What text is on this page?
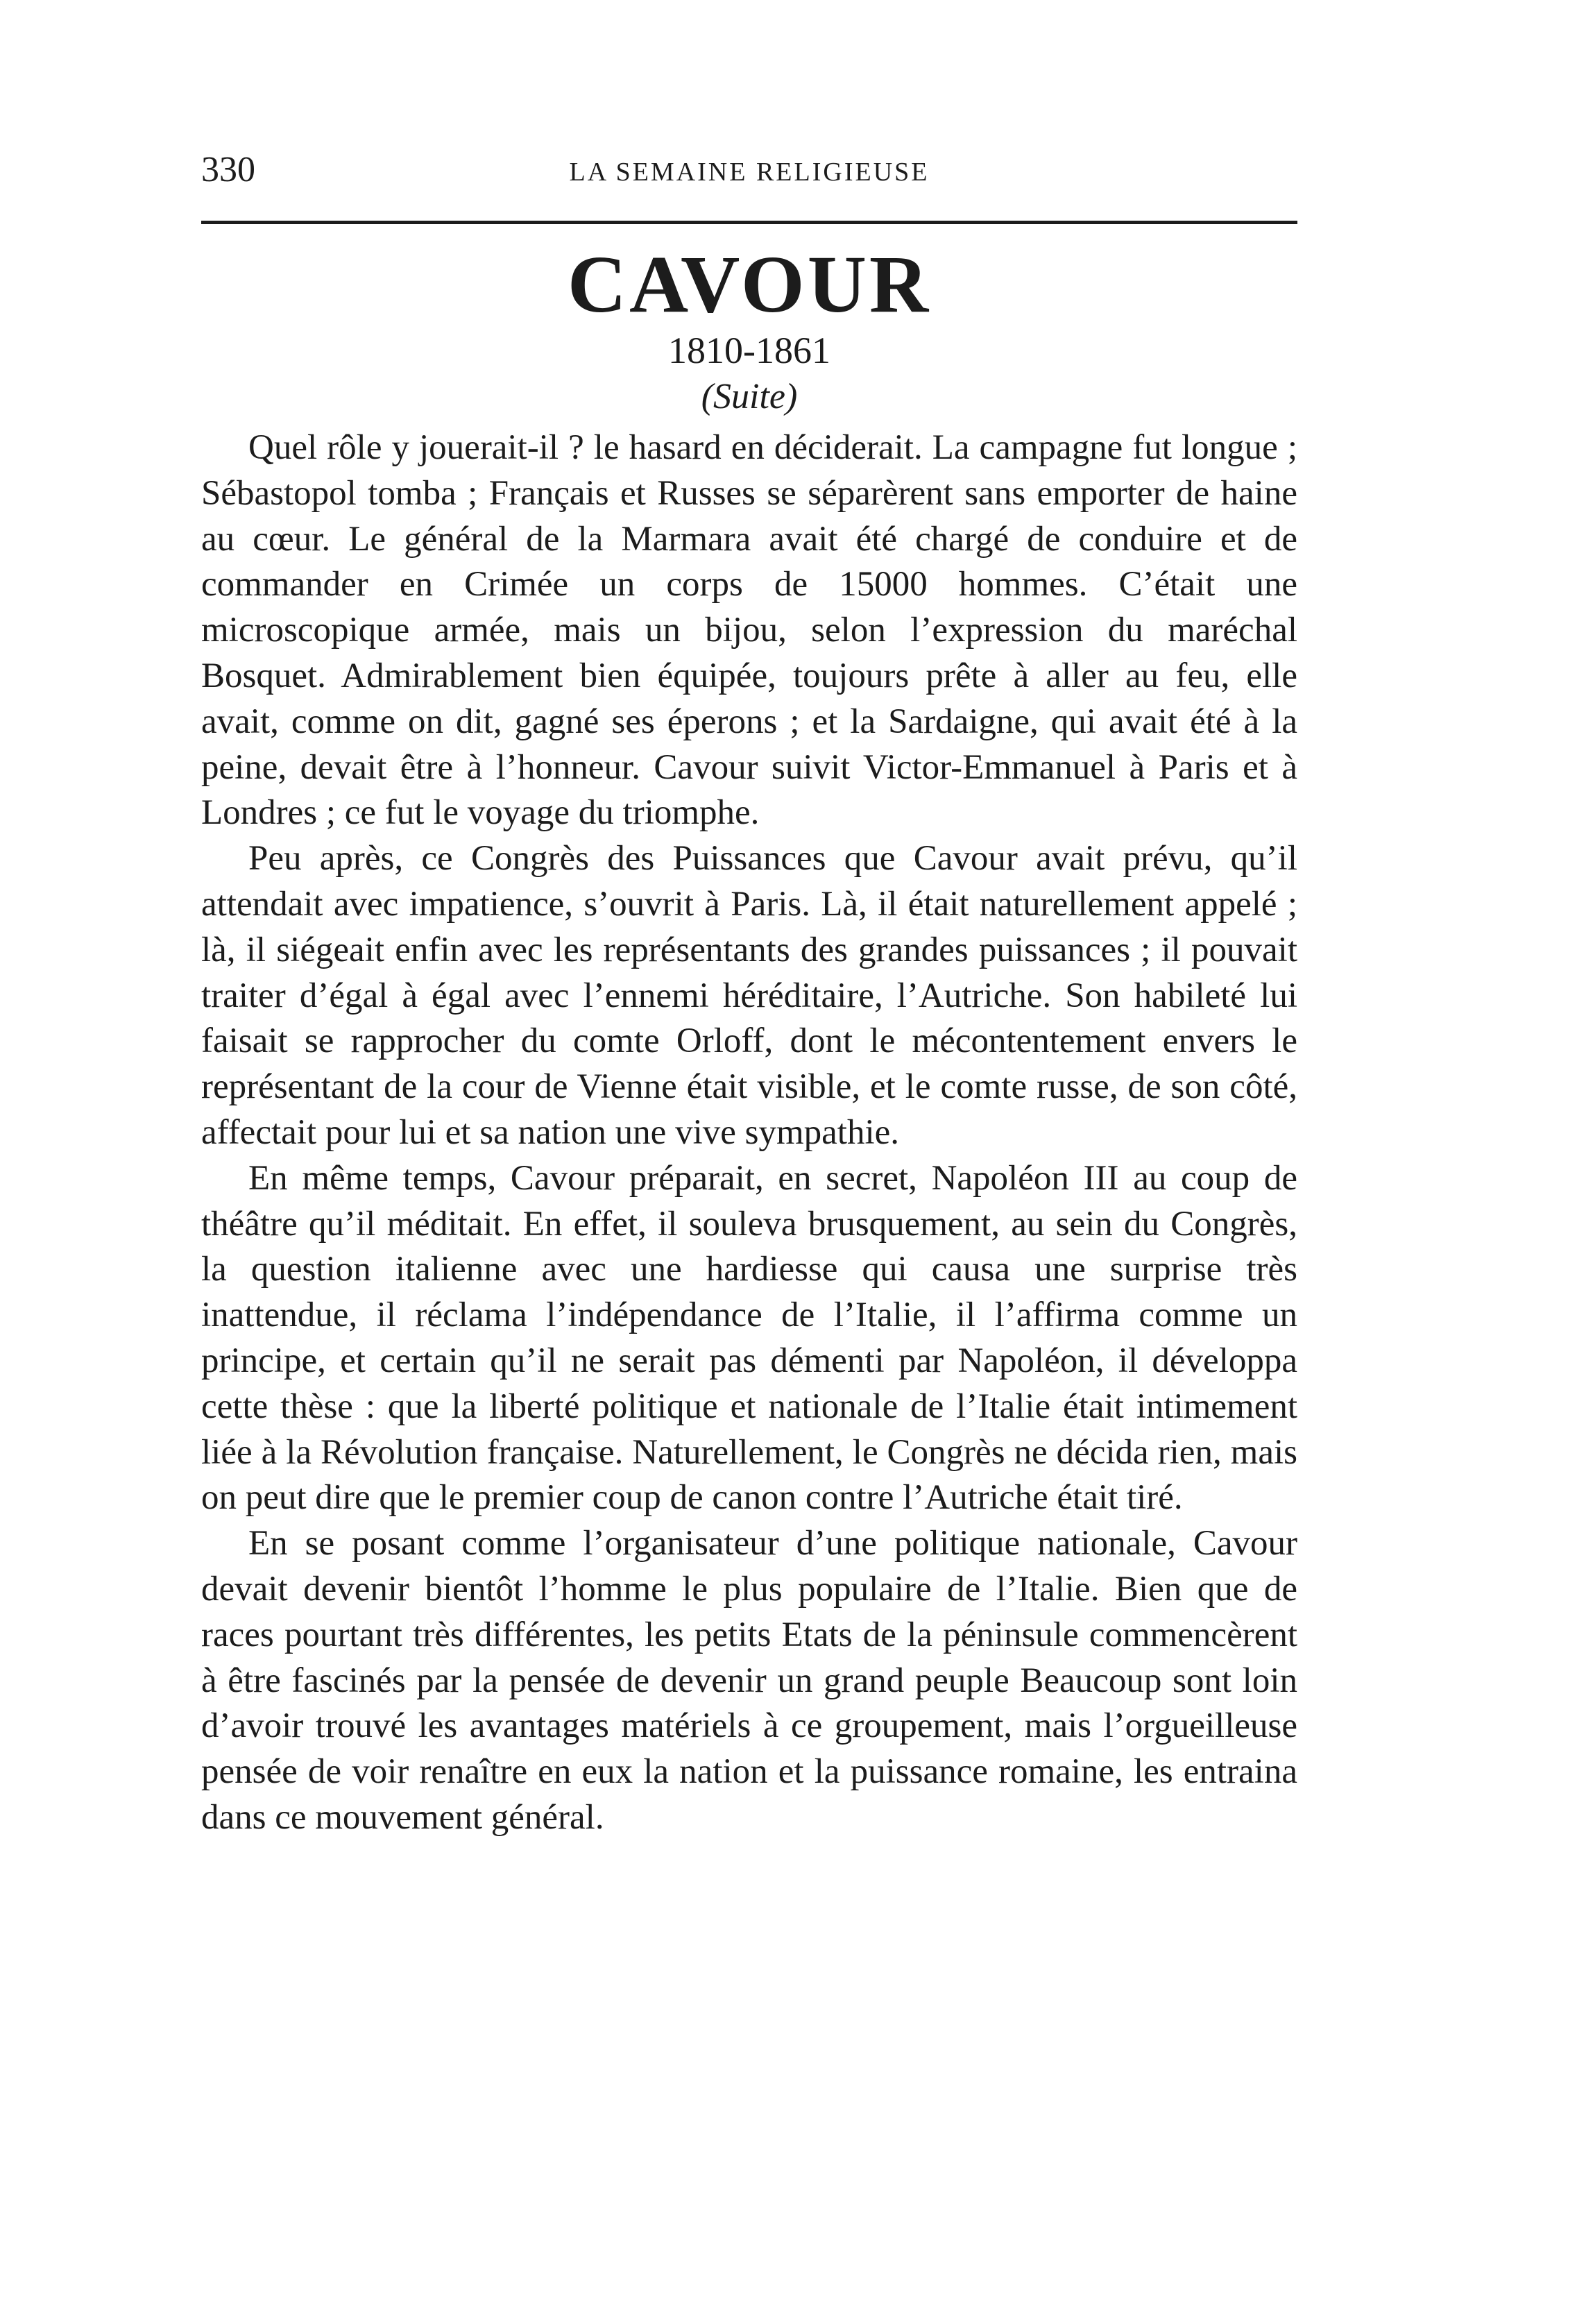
330	LA SEMAINE RELIGIEUSE
CAVOUR
1810-1861
(Suite)

Quel rôle y jouerait-il ? le hasard en déciderait. La campagne fut longue ; Sébastopol tomba ; Français et Russes se séparèrent sans emporter de haine au cœur. Le général de la Marmara avait été chargé de conduire et de commander en Crimée un corps de 15000 hommes. C’était une microscopique armée, mais un bijou, selon l’expression du maréchal Bosquet. Admirablement bien équipée, toujours prête à aller au feu, elle avait, comme on dit, gagné ses éperons ; et la Sardaigne, qui avait été à la peine, devait être à l’honneur. Cavour suivit Victor-Emmanuel à Paris et à Londres ; ce fut le voyage du triomphe.

Peu après, ce Congrès des Puissances que Cavour avait prévu, qu’il attendait avec impatience, s’ouvrit à Paris. Là, il était naturellement appelé ; là, il siégeait enfin avec les représentants des grandes puissances ; il pouvait traiter d’égal à égal avec l’ennemi héréditaire, l’Autriche. Son habileté lui faisait se rapprocher du comte Orloff, dont le mécontentement envers le représentant de la cour de Vienne était visible, et le comte russe, de son côté, affectait pour lui et sa nation une vive sympathie.

En même temps, Cavour préparait, en secret, Napoléon III au coup de théâtre qu’il méditait. En effet, il souleva brusquement, au sein du Congrès, la question italienne avec une hardiesse qui causa une surprise très inattendue, il réclama l’indépendance de l’Italie, il l’affirma comme un principe, et certain qu’il ne serait pas démenti par Napoléon, il développa cette thèse : que la liberté politique et nationale de l’Italie était intimement liée à la Révolution française. Naturellement, le Congrès ne décida rien, mais on peut dire que le premier coup de canon contre l’Autriche était tiré.

En se posant comme l’organisateur d’une politique nationale, Cavour devait devenir bientôt l’homme le plus populaire de l’Italie. Bien que de races pourtant très différentes, les petits Etats de la péninsule commencèrent à être fascinés par la pensée de devenir un grand peuple Beaucoup sont loin d’avoir trouvé les avantages matériels à ce groupement, mais l’orgueilleuse pensée de voir renaître en eux la nation et la puissance romaine, les entraina dans ce mouvement général.
